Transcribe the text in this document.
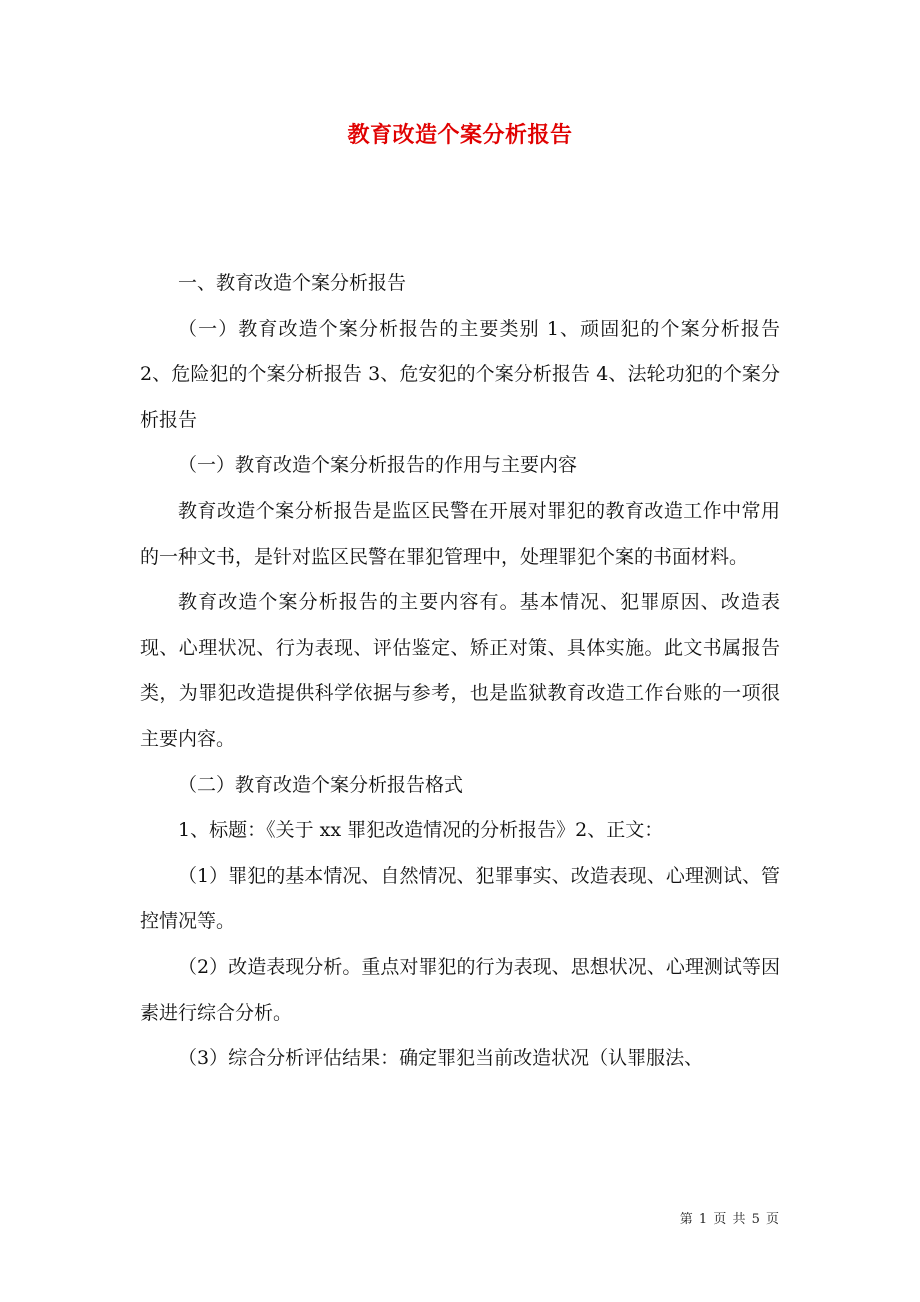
教育改造个案分析报告

一、教育改造个案分析报告

（一）教育改造个案分析报告的主要类别 1、顽固犯的个案分析报告 2、危险犯的个案分析报告 3、危安犯的个案分析报告 4、法轮功犯的个案分析报告

（一）教育改造个案分析报告的作用与主要内容

教育改造个案分析报告是监区民警在开展对罪犯的教育改造工作中常用的一种文书，是针对监区民警在罪犯管理中，处理罪犯个案的书面材料。

教育改造个案分析报告的主要内容有。基本情况、犯罪原因、改造表现、心理状况、行为表现、评估鉴定、矫正对策、具体实施。此文书属报告类，为罪犯改造提供科学依据与参考，也是监狱教育改造工作台账的一项很主要内容。

（二）教育改造个案分析报告格式

1、标题：《关于 xx 罪犯改造情况的分析报告》2、正文：

（1）罪犯的基本情况、自然情况、犯罪事实、改造表现、心理测试、管控情况等。

（2）改造表现分析。重点对罪犯的行为表现、思想状况、心理测试等因素进行综合分析。

（3）综合分析评估结果：确定罪犯当前改造状况（认罪服法、

第 1 页 共 5 页
